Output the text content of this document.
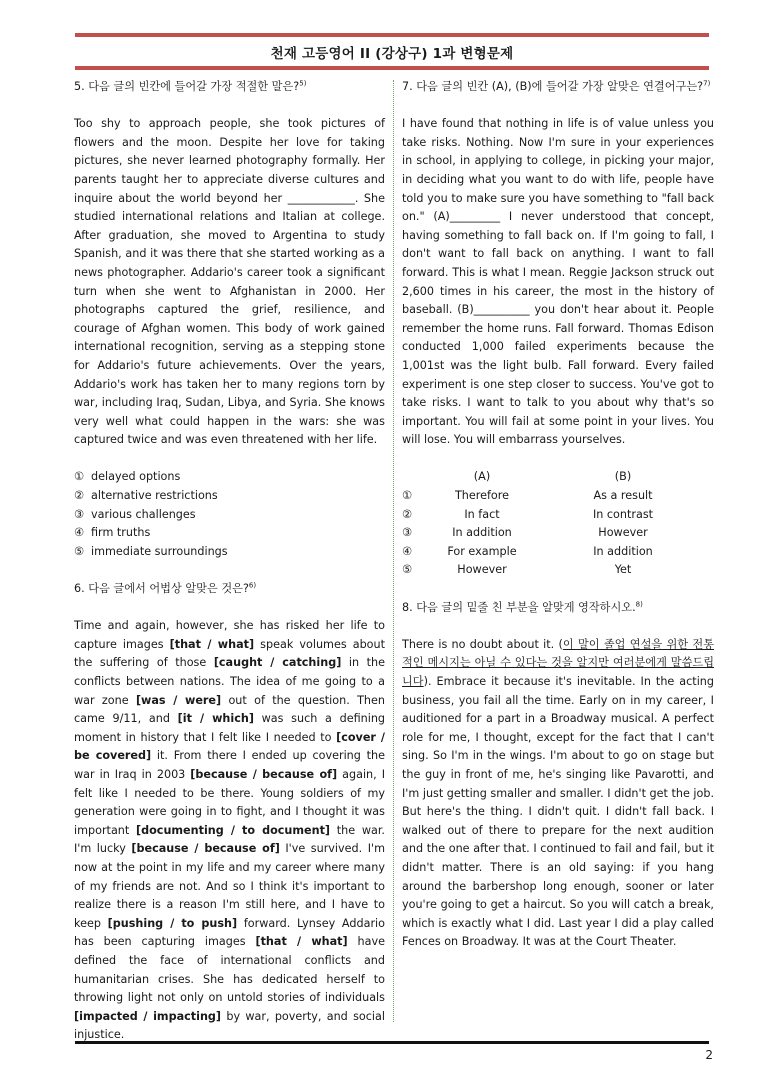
천재 고등영어 II (강상구) 1과 변형문제

5. 다음 글의 빈칸에 들어갈 가장 적절한 말은?$^{5)}$

Too shy to approach people, she took pictures of flowers and the moon. Despite her love for taking pictures, she never learned photography formally. Her parents taught her to appreciate diverse cultures and inquire about the world beyond her ____________. She studied international relations and Italian at college. After graduation, she moved to Argentina to study Spanish, and it was there that she started working as a news photographer. Addario's career took a significant turn when she went to Afghanistan in 2000. Her photographs captured the grief, resilience, and courage of Afghan women. This body of work gained international recognition, serving as a stepping stone for Addario's future achievements. Over the years, Addario's work has taken her to many regions torn by war, including Iraq, Sudan, Libya, and Syria. She knows very well what could happen in the wars: she was captured twice and was even threatened with her life.

① delayed options

② alternative restrictions

③ various challenges

④ firm truths

⑤ immediate surroundings

6. 다음 글에서 어법상 알맞은 것은?$^{6)}$

Time and again, however, she has risked her life to capture images [that / what] speak volumes about the suffering of those [caught / catching] in the conflicts between nations. The idea of me going to a war zone [was / were] out of the question. Then came 9/11, and [it / which] was such a defining moment in history that I felt like I needed to [cover / be covered] it. From there I ended up covering the war in Iraq in 2003 [because / because of] again, I felt like I needed to be there. Young soldiers of my generation were going in to fight, and I thought it was important [documenting / to document] the war. I'm lucky [because / because of] I've survived. I'm now at the point in my life and my career where many of my friends are not. And so I think it's important to realize there is a reason I'm still here, and I have to keep [pushing / to push] forward. Lynsey Addario has been capturing images [that / what] have defined the face of international conflicts and humanitarian crises. She has dedicated herself to throwing light not only on untold stories of individuals [impacted / impacting] by war, poverty, and social injustice.

7. 다음 글의 빈칸 (A), (B)에 들어갈 가장 알맞은 연결어구는?$^{7)}$

I have found that nothing in life is of value unless you take risks. Nothing. Now I'm sure in your experiences in school, in applying to college, in picking your major, in deciding what you want to do with life, people have told you to make sure you have something to "fall back on." (A)_________ I never understood that concept, having something to fall back on. If I'm going to fall, I don't want to fall back on anything. I want to fall forward. This is what I mean. Reggie Jackson struck out 2,600 times in his career, the most in the history of baseball. (B)__________ you don't hear about it. People remember the home runs. Fall forward. Thomas Edison conducted 1,000 failed experiments because the 1,001st was the light bulb. Fall forward. Every failed experiment is one step closer to success. You've got to take risks. I want to talk to you about why that's so important. You will fail at some point in your lives. You will lose. You will embarrass yourselves.

	(A)	(B)
①	Therefore	As a result
②	In fact	In contrast
③	In addition	However
④	For example	In addition
⑤	However	Yet

8. 다음 글의 밑줄 친 부분을 알맞게 영작하시오.$^{8)}$

There is no doubt about it. (이 말이 졸업 연설을 위한 전통적인 메시지는 아닐 수 있다는 것을 알지만 여러분에게 말씀드립니다). Embrace it because it's inevitable. In the acting business, you fail all the time. Early on in my career, I auditioned for a part in a Broadway musical. A perfect role for me, I thought, except for the fact that I can't sing. So I'm in the wings. I'm about to go on stage but the guy in front of me, he's singing like Pavarotti, and I'm just getting smaller and smaller. I didn't get the job. But here's the thing. I didn't quit. I didn't fall back. I walked out of there to prepare for the next audition and the one after that. I continued to fail and fail, but it didn't matter. There is an old saying: if you hang around the barbershop long enough, sooner or later you're going to get a haircut. So you will catch a break, which is exactly what I did. Last year I did a play called Fences on Broadway. It was at the Court Theater.

2
